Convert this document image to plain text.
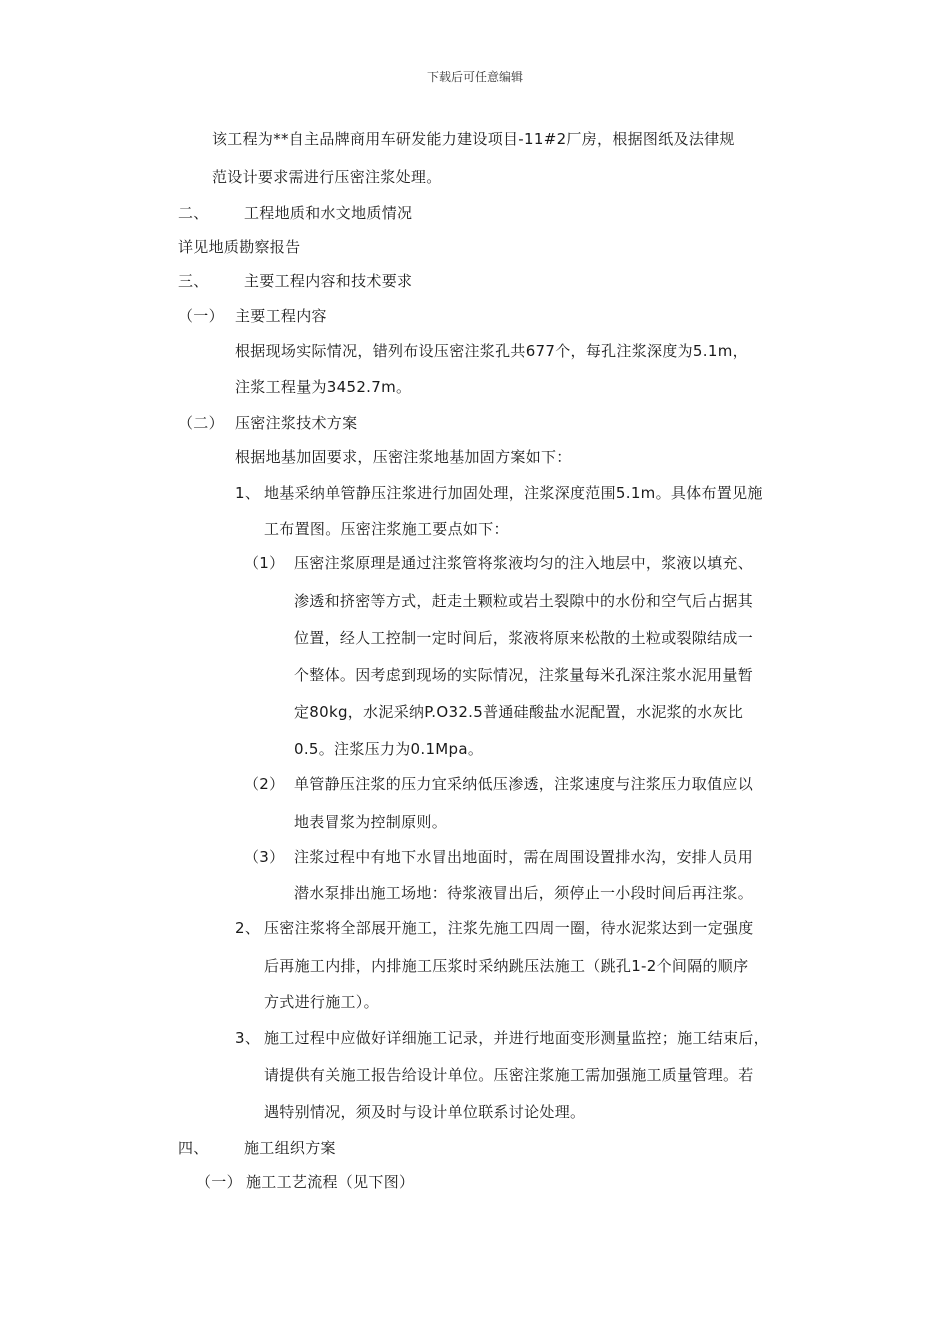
下载后可任意编辑
该工程为**自主品牌商用车研发能力建设项目-11#2厂房，根据图纸及法律规
范设计要求需进行压密注浆处理。
二、 工程地质和水文地质情况
详见地质勘察报告
三、 主要工程内容和技术要求
（一） 主要工程内容
根据现场实际情况，错列布设压密注浆孔共677个，每孔注浆深度为5.1m，
注浆工程量为3452.7m。
（二） 压密注浆技术方案
根据地基加固要求，压密注浆地基加固方案如下：
1、 地基采纳单管静压注浆进行加固处理，注浆深度范围5.1m。具体布置见施
工布置图。压密注浆施工要点如下：
（1） 压密注浆原理是通过注浆管将浆液均匀的注入地层中，浆液以填充、
渗透和挤密等方式，赶走土颗粒或岩土裂隙中的水份和空气后占据其
位置，经人工控制一定时间后，浆液将原来松散的土粒或裂隙结成一
个整体。因考虑到现场的实际情况，注浆量每米孔深注浆水泥用量暂
定80kg，水泥采纳P.O32.5普通硅酸盐水泥配置，水泥浆的水灰比
0.5。注浆压力为0.1Mpa。
（2） 单管静压注浆的压力宜采纳低压渗透，注浆速度与注浆压力取值应以
地表冒浆为控制原则。
（3） 注浆过程中有地下水冒出地面时，需在周围设置排水沟，安排人员用
潜水泵排出施工场地：待浆液冒出后，须停止一小段时间后再注浆。
2、 压密注浆将全部展开施工，注浆先施工四周一圈，待水泥浆达到一定强度
后再施工内排，内排施工压浆时采纳跳压法施工（跳孔1-2个间隔的顺序
方式进行施工）。
3、 施工过程中应做好详细施工记录，并进行地面变形测量监控；施工结束后，
请提供有关施工报告给设计单位。压密注浆施工需加强施工质量管理。若
遇特别情况，须及时与设计单位联系讨论处理。
四、 施工组织方案
（一） 施工工艺流程（见下图）
